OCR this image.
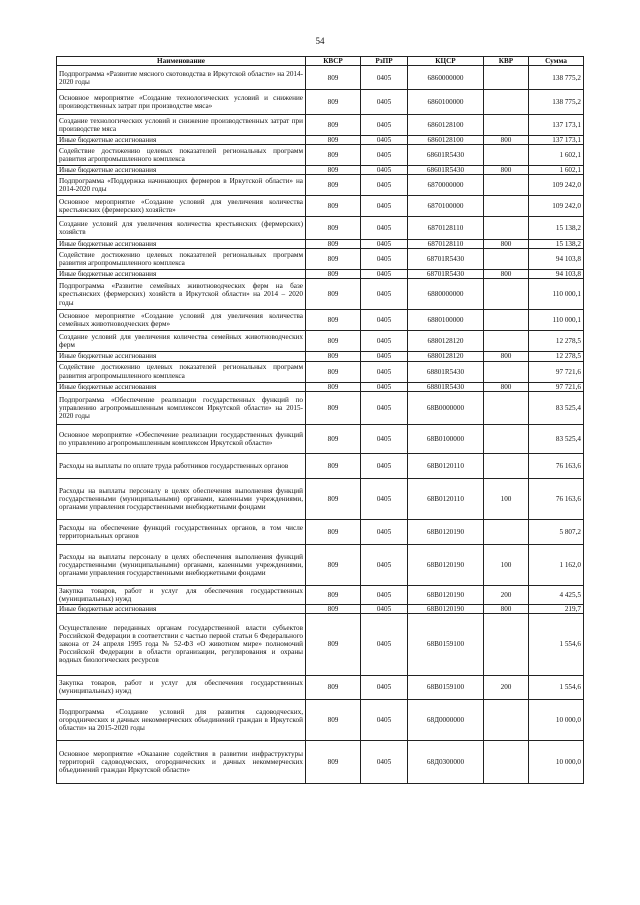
54
Наименование	КВСР	РзПР	КЦСР	КВР	Сумма
Подпрограмма «Развитие мясного скотоводства в Иркутской области» на 2014-2020 годы	809	0405	6860000000		138 775,2
Основное мероприятие «Создание технологических условий и снижение производственных затрат при производстве мяса»	809	0405	6860100000		138 775,2
Создание технологических условий и снижение производственных затрат при производстве мяса	809	0405	6860128100		137 173,1
Иные бюджетные ассигнования	809	0405	6860128100	800	137 173,1
Содействие достижению целевых показателей региональных программ развития агропромышленного комплекса	809	0405	68601R5430		1 602,1
Иные бюджетные ассигнования	809	0405	68601R5430	800	1 602,1
Подпрограмма «Поддержка начинающих фермеров в Иркутской области» на 2014-2020 годы	809	0405	6870000000		109 242,0
Основное мероприятие «Создание условий для увеличения количества крестьянских (фермерских) хозяйств»	809	0405	6870100000		109 242,0
Создание условий для увеличения количества крестьянских (фермерских) хозяйств	809	0405	6870128110		15 138,2
Иные бюджетные ассигнования	809	0405	6870128110	800	15 138,2
Содействие достижению целевых показателей региональных программ развития агропромышленного комплекса	809	0405	68701R5430		94 103,8
Иные бюджетные ассигнования	809	0405	68701R5430	800	94 103,8
Подпрограмма «Развитие семейных животноводческих ферм на базе крестьянских (фермерских) хозяйств в Иркутской области» на 2014 – 2020 годы	809	0405	6880000000		110 000,1
Основное мероприятие «Создание условий для увеличения количества семейных животноводческих ферм»	809	0405	6880100000		110 000,1
Создание условий для увеличения количества семейных животноводческих ферм	809	0405	6880128120		12 278,5
Иные бюджетные ассигнования	809	0405	6880128120	800	12 278,5
Содействие достижению целевых показателей региональных программ развития агропромышленного комплекса	809	0405	68801R5430		97 721,6
Иные бюджетные ассигнования	809	0405	68801R5430	800	97 721,6
Подпрограмма «Обеспечение реализации государственных функций по управлению агропромышленным комплексом Иркутской области» на 2015-2020 годы	809	0405	68В0000000		83 525,4
Основное мероприятие «Обеспечение реализации государственных функций по управлению агропромышленным комплексом Иркутской области»	809	0405	68В0100000		83 525,4
Расходы на выплаты по оплате труда работников государственных органов	809	0405	68В0120110		76 163,6
Расходы на выплаты персоналу в целях обеспечения выполнения функций государственными (муниципальными) органами, казенными учреждениями, органами управления государственными внебюджетными фондами	809	0405	68В0120110	100	76 163,6
Расходы на обеспечение функций государственных органов, в том числе территориальных органов	809	0405	68В0120190		5 807,2
Расходы на выплаты персоналу в целях обеспечения выполнения функций государственными (муниципальными) органами, казенными учреждениями, органами управления государственными внебюджетными фондами	809	0405	68В0120190	100	1 162,0
Закупка товаров, работ и услуг для обеспечения государственных (муниципальных) нужд	809	0405	68В0120190	200	4 425,5
Иные бюджетные ассигнования	809	0405	68В0120190	800	219,7
Осуществление переданных органам государственной власти субъектов Российской Федерации в соответствии с частью первой статьи 6 Федерального закона от 24 апреля 1995 года № 52-ФЗ «О животном мире» полномочий Российской Федерации в области организации, регулирования и охраны водных биологических ресурсов	809	0405	68В0159100		1 554,6
Закупка товаров, работ и услуг для обеспечения государственных (муниципальных) нужд	809	0405	68В0159100	200	1 554,6
Подпрограмма «Создание условий для развития садоводческих, огороднических и дачных некоммерческих объединений граждан в Иркутской области» на 2015-2020 годы	809	0405	68Д0000000		10 000,0
Основное мероприятие «Оказание содействия в развитии инфраструктуры территорий садоводческих, огороднических и дачных некоммерческих объединений граждан Иркутской области»	809	0405	68Д0300000		10 000,0
